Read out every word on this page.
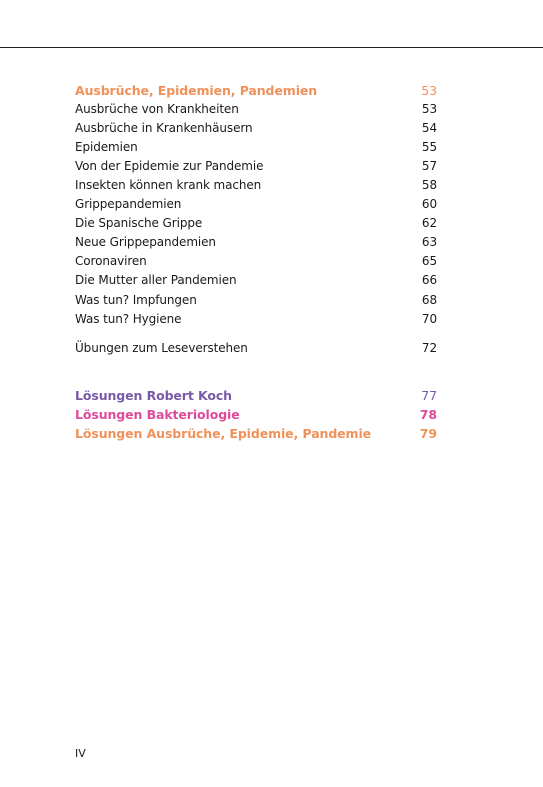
Ausbrüche, Epidemien, Pandemien	53
Ausbrüche von Krankheiten	53
Ausbrüche in Krankenhäusern	54
Epidemien	55
Von der Epidemie zur Pandemie	57
Insekten können krank machen	58
Grippepandemien	60
Die Spanische Grippe	62
Neue Grippepandemien	63
Coronaviren	65
Die Mutter aller Pandemien	66
Was tun? Impfungen	68
Was tun? Hygiene	70
Übungen zum Leseverstehen	72
Lösungen Robert Koch	77
Lösungen Bakteriologie	78
Lösungen Ausbrüche, Epidemie, Pandemie	79
IV
